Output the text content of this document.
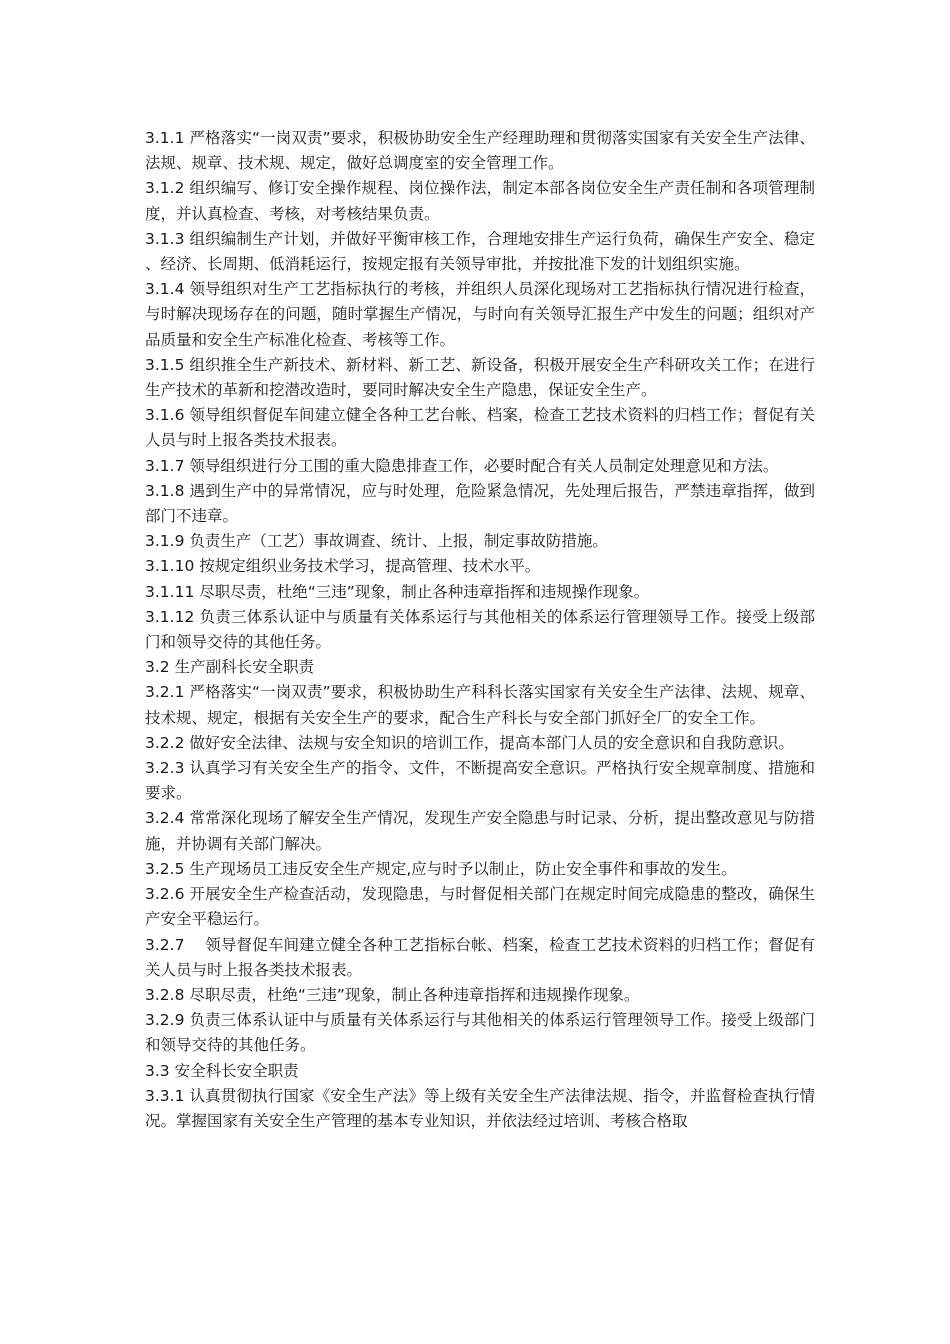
3.1.1 严格落实“一岗双责”要求，积极协助安全生产经理助理和贯彻落实国家有关安全生产法律、法规、规章、技术规、规定，做好总调度室的安全管理工作。

3.1.2 组织编写、修订安全操作规程、岗位操作法，制定本部各岗位安全生产责任制和各项管理制度，并认真检查、考核，对考核结果负责。

3.1.3 组织编制生产计划，并做好平衡审核工作，合理地安排生产运行负荷，确保生产安全、稳定、经济、长周期、低消耗运行，按规定报有关领导审批，并按批准下发的计划组织实施。

3.1.4 领导组织对生产工艺指标执行的考核，并组织人员深化现场对工艺指标执行情况进行检查，与时解决现场存在的问题，随时掌握生产情况，与时向有关领导汇报生产中发生的问题；组织对产品质量和安全生产标准化检查、考核等工作。

3.1.5 组织推全生产新技术、新材料、新工艺、新设备，积极开展安全生产科研攻关工作；在进行生产技术的革新和挖潜改造时，要同时解决安全生产隐患，保证安全生产。

3.1.6 领导组织督促车间建立健全各种工艺台帐、档案，检查工艺技术资料的归档工作；督促有关人员与时上报各类技术报表。

3.1.7 领导组织进行分工围的重大隐患排查工作，必要时配合有关人员制定处理意见和方法。

3.1.8 遇到生产中的异常情况，应与时处理，危险紧急情况，先处理后报告，严禁违章指挥，做到部门不违章。

3.1.9 负责生产（工艺）事故调查、统计、上报，制定事故防措施。

3.1.10 按规定组织业务技术学习，提高管理、技术水平。

3.1.11 尽职尽责，杜绝“三违”现象，制止各种违章指挥和违规操作现象。

3.1.12 负责三体系认证中与质量有关体系运行与其他相关的体系运行管理领导工作。接受上级部门和领导交待的其他任务。

3.2 生产副科长安全职责

3.2.1 严格落实“一岗双责”要求，积极协助生产科科长落实国家有关安全生产法律、法规、规章、技术规、规定，根据有关安全生产的要求，配合生产科长与安全部门抓好全厂的安全工作。

3.2.2 做好安全法律、法规与安全知识的培训工作，提高本部门人员的安全意识和自我防意识。

3.2.3 认真学习有关安全生产的指令、文件，不断提高安全意识。严格执行安全规章制度、措施和要求。

3.2.4 常常深化现场了解安全生产情况，发现生产安全隐患与时记录、分析，提出整改意见与防措施，并协调有关部门解决。

3.2.5 生产现场员工违反安全生产规定,应与时予以制止，防止安全事件和事故的发生。

3.2.6 开展安全生产检查活动，发现隐患，与时督促相关部门在规定时间完成隐患的整改，确保生产安全平稳运行。

3.2.7　 领导督促车间建立健全各种工艺指标台帐、档案，检查工艺技术资料的归档工作；督促有关人员与时上报各类技术报表。

3.2.8 尽职尽责，杜绝“三违”现象，制止各种违章指挥和违规操作现象。

3.2.9 负责三体系认证中与质量有关体系运行与其他相关的体系运行管理领导工作。接受上级部门和领导交待的其他任务。

3.3 安全科长安全职责

3.3.1 认真贯彻执行国家《安全生产法》等上级有关安全生产法律法规、指令，并监督检查执行情况。掌握国家有关安全生产管理的基本专业知识，并依法经过培训、考核合格取
